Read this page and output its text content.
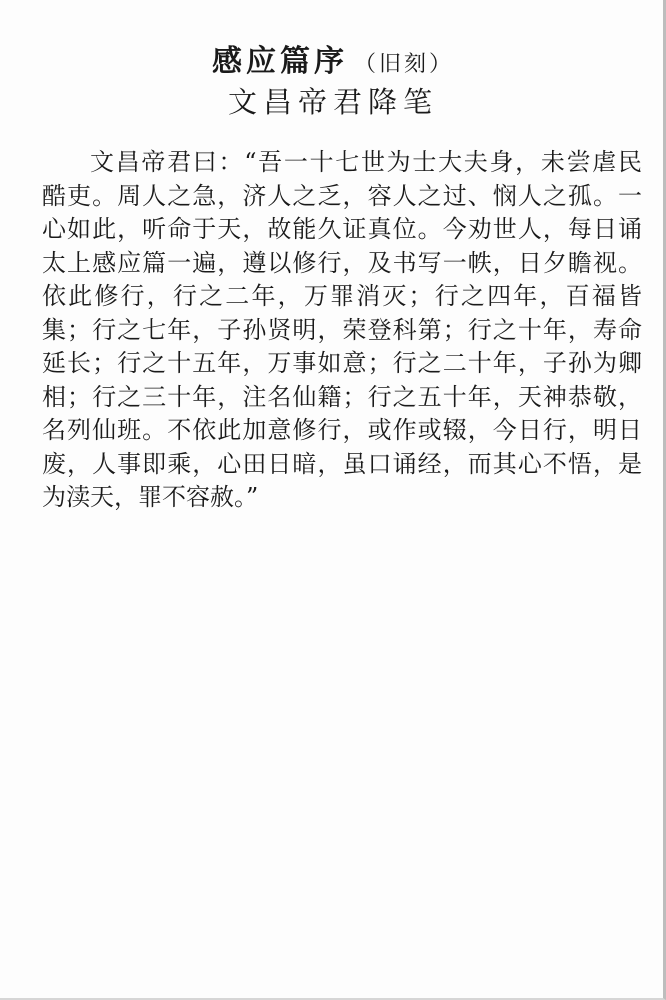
感应篇序 （旧刻）
文昌帝君降笔
文昌帝君曰：“吾一十七世为士大夫身，未尝虐民
酷吏。周人之急，济人之乏，容人之过、悯人之孤。一
心如此，听命于天，故能久证真位。今劝世人，每日诵
太上感应篇一遍，遵以修行，及书写一帙，日夕瞻视。
依此修行，行之二年，万罪消灭；行之四年，百福皆
集；行之七年，子孙贤明，荣登科第；行之十年，寿命
延长；行之十五年，万事如意；行之二十年，子孙为卿
相；行之三十年，注名仙籍；行之五十年，天神恭敬，
名列仙班。不依此加意修行，或作或辍，今日行，明日
废，人事即乘，心田日暗，虽口诵经，而其心不悟，是
为渎天，罪不容赦。”
